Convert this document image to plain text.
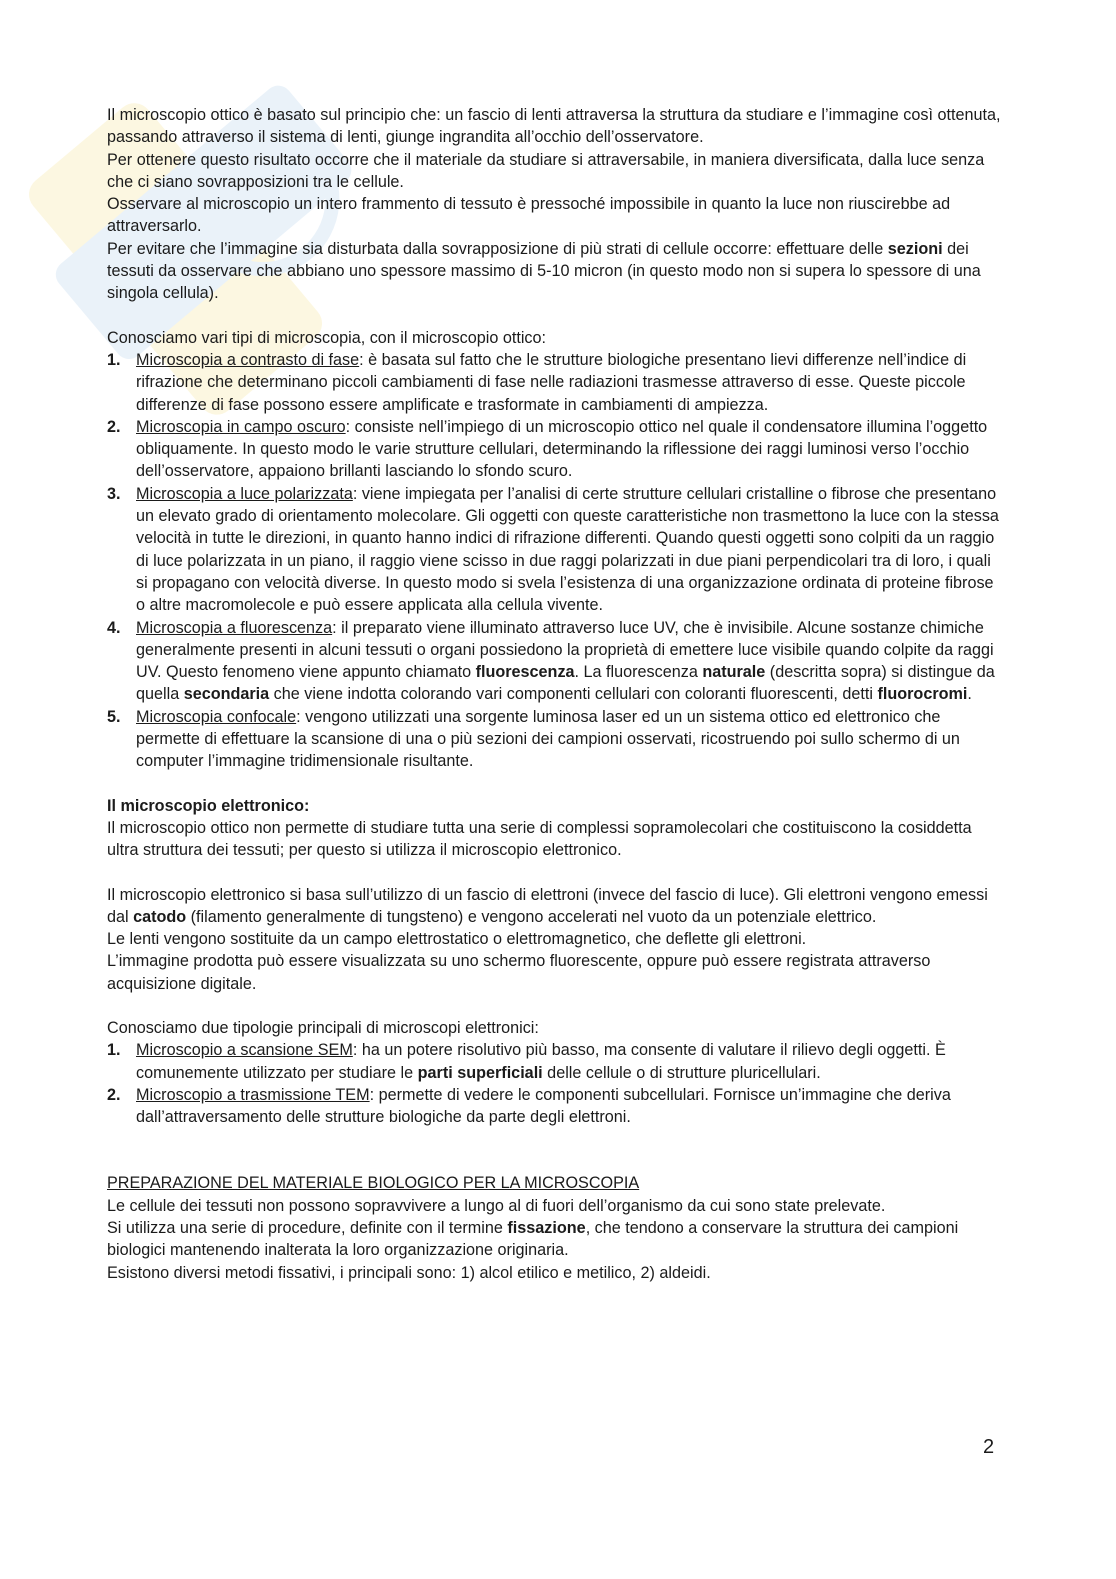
Il microscopio ottico è basato sul principio che: un fascio di lenti attraversa la struttura da studiare e l’immagine così ottenuta, passando attraverso il sistema di lenti, giunge ingrandita all’occhio dell’osservatore.

Per ottenere questo risultato occorre che il materiale da studiare si attraversabile, in maniera diversificata, dalla luce senza che ci siano sovrapposizioni tra le cellule.

Osservare al microscopio un intero frammento di tessuto è pressoché impossibile in quanto la luce non riuscirebbe ad attraversarlo.

Per evitare che l’immagine sia disturbata dalla sovrapposizione di più strati di cellule occorre: effettuare delle sezioni dei tessuti da osservare che abbiano uno spessore massimo di 5-10 micron (in questo modo non si supera lo spessore di una singola cellula).

Conosciamo vari tipi di microscopia, con il microscopio ottico:

1. Microscopia a contrasto di fase: è basata sul fatto che le strutture biologiche presentano lievi differenze nell’indice di rifrazione che determinano piccoli cambiamenti di fase nelle radiazioni trasmesse attraverso di esse. Queste piccole differenze di fase possono essere amplificate e trasformate in cambiamenti di ampiezza.
2. Microscopia in campo oscuro: consiste nell’impiego di un microscopio ottico nel quale il condensatore illumina l’oggetto obliquamente. In questo modo le varie strutture cellulari, determinando la riflessione dei raggi luminosi verso l’occhio dell’osservatore, appaiono brillanti lasciando lo sfondo scuro.
3. Microscopia a luce polarizzata: viene impiegata per l’analisi di certe strutture cellulari cristalline o fibrose che presentano un elevato grado di orientamento molecolare. Gli oggetti con queste caratteristiche non trasmettono la luce con la stessa velocità in tutte le direzioni, in quanto hanno indici di rifrazione differenti. Quando questi oggetti sono colpiti da un raggio di luce polarizzata in un piano, il raggio viene scisso in due raggi polarizzati in due piani perpendicolari tra di loro, i quali si propagano con velocità diverse. In questo modo si svela l’esistenza di una organizzazione ordinata di proteine fibrose o altre macromolecole e può essere applicata alla cellula vivente.
4. Microscopia a fluorescenza: il preparato viene illuminato attraverso luce UV, che è invisibile. Alcune sostanze chimiche generalmente presenti in alcuni tessuti o organi possiedono la proprietà di emettere luce visibile quando colpite da raggi UV. Questo fenomeno viene appunto chiamato fluorescenza. La fluorescenza naturale (descritta sopra) si distingue da quella secondaria che viene indotta colorando vari componenti cellulari con coloranti fluorescenti, detti fluorocromi.
5. Microscopia confocale: vengono utilizzati una sorgente luminosa laser ed un un sistema ottico ed elettronico che permette di effettuare la scansione di una o più sezioni dei campioni osservati, ricostruendo poi sullo schermo di un computer l’immagine tridimensionale risultante.

Il microscopio elettronico:

Il microscopio ottico non permette di studiare tutta una serie di complessi sopramolecolari che costituiscono la cosiddetta ultra struttura dei tessuti; per questo si utilizza il microscopio elettronico.

Il microscopio elettronico si basa sull’utilizzo di un fascio di elettroni (invece del fascio di luce). Gli elettroni vengono emessi dal catodo (filamento generalmente di tungsteno) e vengono accelerati nel vuoto da un potenziale elettrico.

Le lenti vengono sostituite da un campo elettrostatico o elettromagnetico, che deflette gli elettroni.

L’immagine prodotta può essere visualizzata su uno schermo fluorescente, oppure può essere registrata attraverso acquisizione digitale.

Conosciamo due tipologie principali di microscopi elettronici:

1. Microscopio a scansione SEM: ha un potere risolutivo più basso, ma consente di valutare il rilievo degli oggetti. È comunemente utilizzato per studiare le parti superficiali delle cellule o di strutture pluricellulari.
2. Microscopio a trasmissione TEM: permette di vedere le componenti subcellulari. Fornisce un’immagine che deriva dall’attraversamento delle strutture biologiche da parte degli elettroni.

PREPARAZIONE DEL MATERIALE BIOLOGICO PER LA MICROSCOPIA

Le cellule dei tessuti non possono sopravvivere a lungo al di fuori dell’organismo da cui sono state prelevate.

Si utilizza una serie di procedure, definite con il termine fissazione, che tendono a conservare la struttura dei campioni biologici mantenendo inalterata la loro organizzazione originaria.

Esistono diversi metodi fissativi, i principali sono: 1) alcol etilico e metilico, 2) aldeidi.

2
